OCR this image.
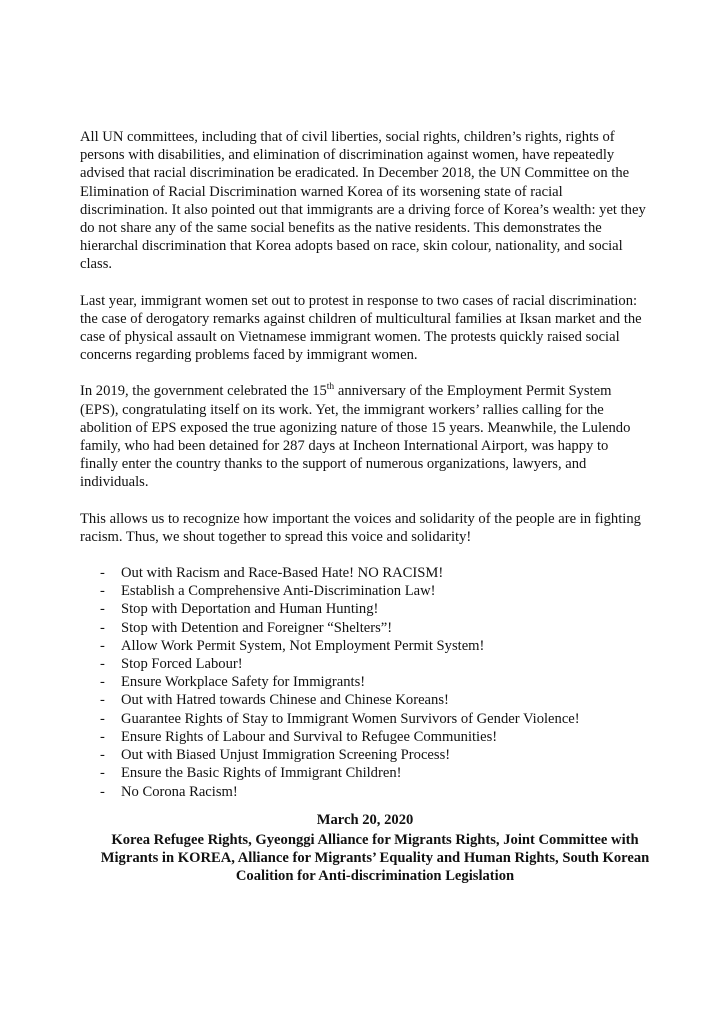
All UN committees, including that of civil liberties, social rights, children’s rights, rights of persons with disabilities, and elimination of discrimination against women, have repeatedly advised that racial discrimination be eradicated. In December 2018, the UN Committee on the Elimination of Racial Discrimination warned Korea of its worsening state of racial discrimination. It also pointed out that immigrants are a driving force of Korea’s wealth: yet they do not share any of the same social benefits as the native residents. This demonstrates the hierarchal discrimination that Korea adopts based on race, skin colour, nationality, and social class.

Last year, immigrant women set out to protest in response to two cases of racial discrimination: the case of derogatory remarks against children of multicultural families at Iksan market and the case of physical assault on Vietnamese immigrant women. The protests quickly raised social concerns regarding problems faced by immigrant women.

In 2019, the government celebrated the 15th anniversary of the Employment Permit System (EPS), congratulating itself on its work. Yet, the immigrant workers’ rallies calling for the abolition of EPS exposed the true agonizing nature of those 15 years. Meanwhile, the Lulendo family, who had been detained for 287 days at Incheon International Airport, was happy to finally enter the country thanks to the support of numerous organizations, lawyers, and individuals.

This allows us to recognize how important the voices and solidarity of the people are in fighting racism. Thus, we shout together to spread this voice and solidarity!

- Out with Racism and Race-Based Hate! NO RACISM!
- Establish a Comprehensive Anti-Discrimination Law!
- Stop with Deportation and Human Hunting!
- Stop with Detention and Foreigner “Shelters”!
- Allow Work Permit System, Not Employment Permit System!
- Stop Forced Labour!
- Ensure Workplace Safety for Immigrants!
- Out with Hatred towards Chinese and Chinese Koreans!
- Guarantee Rights of Stay to Immigrant Women Survivors of Gender Violence!
- Ensure Rights of Labour and Survival to Refugee Communities!
- Out with Biased Unjust Immigration Screening Process!
- Ensure the Basic Rights of Immigrant Children!
- No Corona Racism!
March 20, 2020
Korea Refugee Rights, Gyeonggi Alliance for Migrants Rights, Joint Committee with Migrants in KOREA, Alliance for Migrants’ Equality and Human Rights, South Korean Coalition for Anti-discrimination Legislation
